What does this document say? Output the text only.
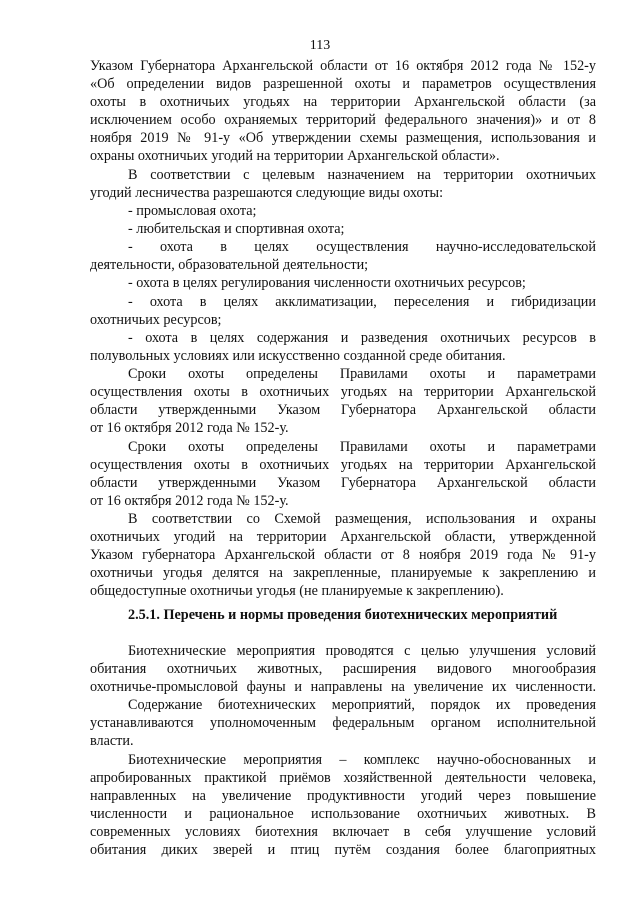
113
2.5.1. Перечень и нормы проведения биотехнических мероприятий
Указом Губернатора Архангельской области от 16 октября 2012 года № 152-у
«Об определении видов разрешенной охоты и параметров осуществления
охоты в охотничьих угодьях на территории Архангельской области (за
исключением особо охраняемых территорий федерального значения)» и от 8
ноября 2019 № 91-у «Об утверждении схемы размещения, использования и
охраны охотничьих угодий на территории Архангельской области».
В соответствии с целевым назначением на территории охотничьих
угодий лесничества разрешаются следующие виды охоты:
- промысловая охота;
- любительская и спортивная охота;
- охота в целях осуществления научно-исследовательской
деятельности, образовательной деятельности;
- охота в целях регулирования численности охотничьих ресурсов;
- охота в целях акклиматизации, переселения и гибридизации
охотничьих ресурсов;
- охота в целях содержания и разведения охотничьих ресурсов в
полувольных условиях или искусственно созданной среде обитания.
Сроки охоты определены Правилами охоты и параметрами
осуществления охоты в охотничьих угодьях на территории Архангельской
области утвержденными Указом Губернатора Архангельской области
от 16 октября 2012 года № 152-у.
Сроки охоты определены Правилами охоты и параметрами
осуществления охоты в охотничьих угодьях на территории Архангельской
области утвержденными Указом Губернатора Архангельской области
от 16 октября 2012 года № 152-у.
В соответствии со Схемой размещения, использования и охраны
охотничьих угодий на территории Архангельской области, утвержденной
Указом губернатора Архангельской области от 8 ноября 2019 года № 91-у
охотничьи угодья делятся на закрепленные, планируемые к закреплению и
общедоступные охотничьи угодья (не планируемые к закреплению).
Биотехнические мероприятия проводятся с целью улучшения условий
обитания охотничьих животных, расширения видового многообразия
охотничье-промысловой фауны и направлены на увеличение их численности.
Содержание биотехнических мероприятий, порядок их проведения
устанавливаются уполномоченным федеральным органом исполнительной
власти.
Биотехнические мероприятия – комплекс научно-обоснованных и
апробированных практикой приёмов хозяйственной деятельности человека,
направленных на увеличение продуктивности угодий через повышение
численности и рациональное использование охотничьих животных. В
современных условиях биотехния включает в себя улучшение условий
обитания диких зверей и птиц путём создания более благоприятных
